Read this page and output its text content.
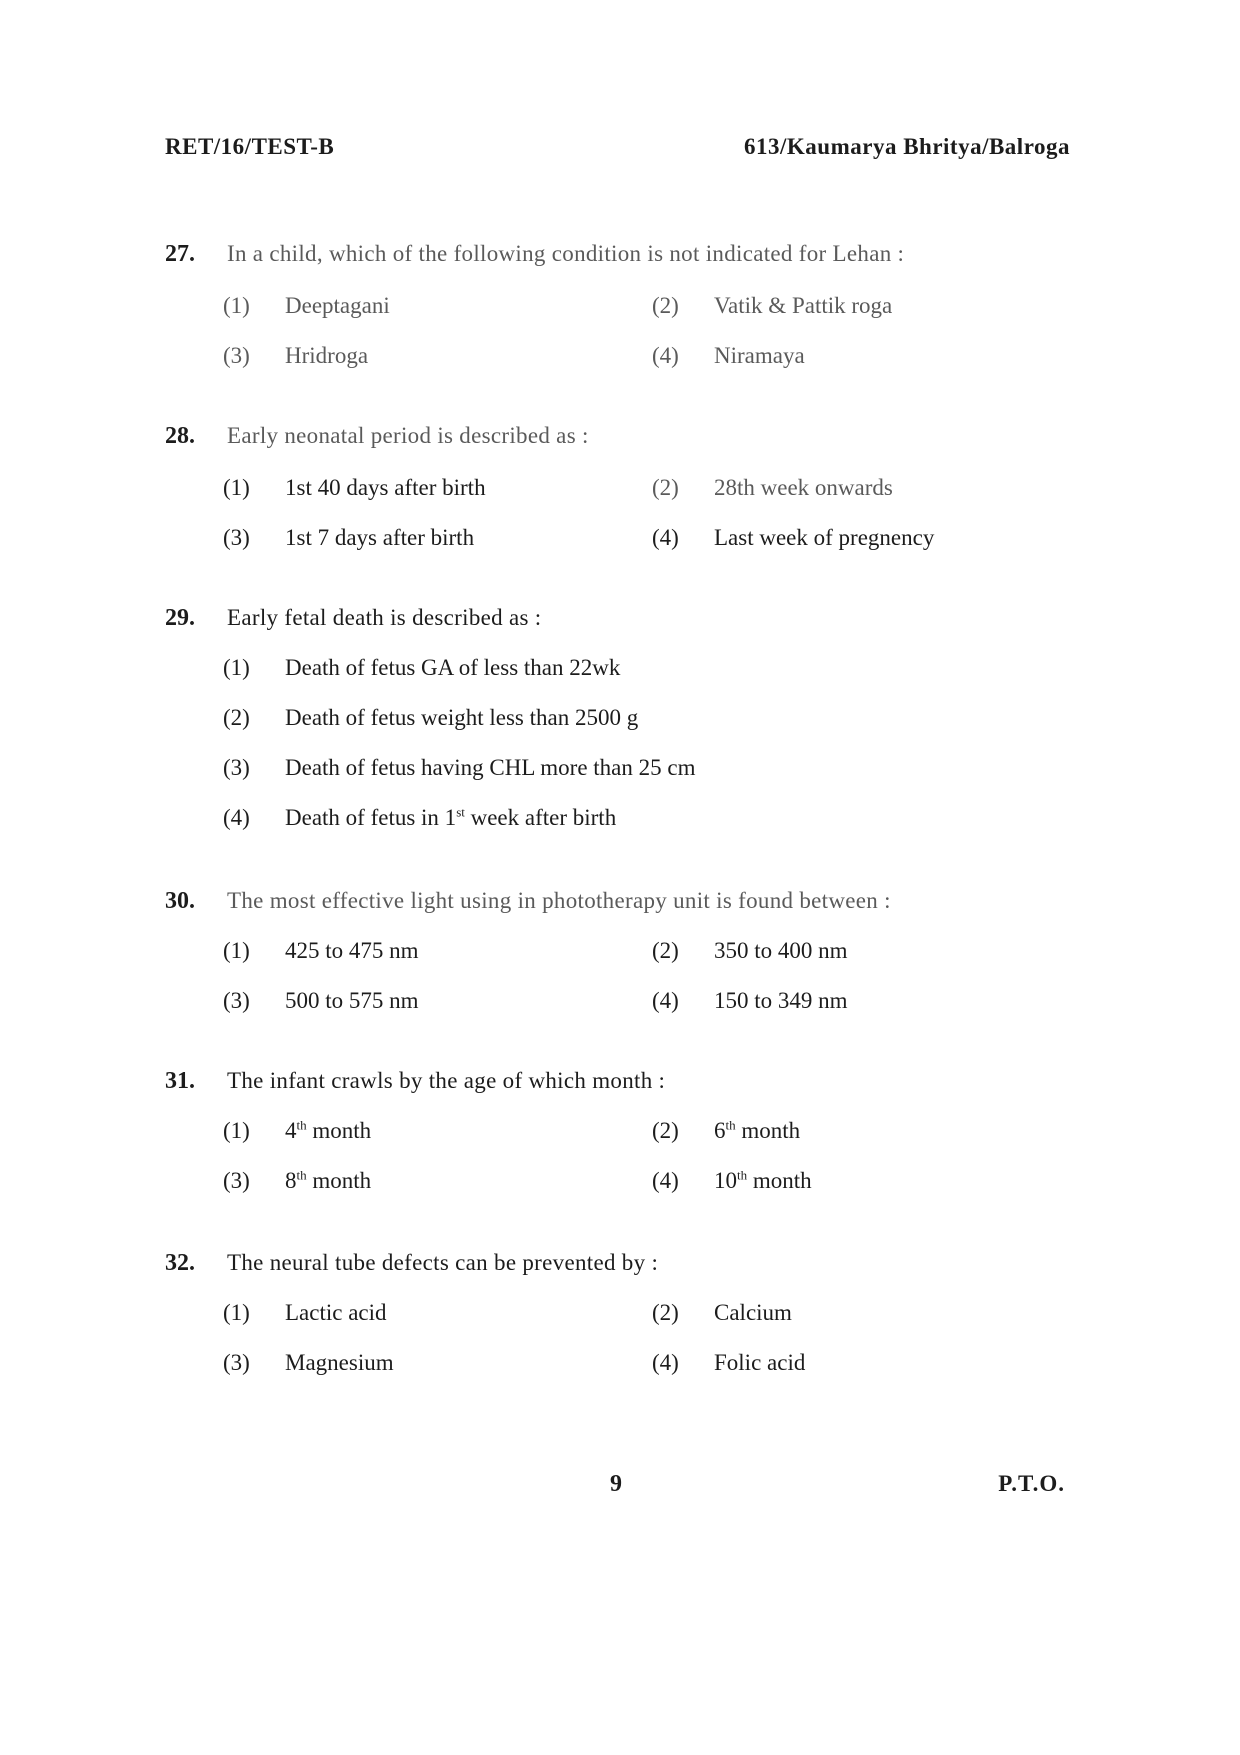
RET/16/TEST-B	613/Kaumarya Bhritya/Balroga
27. In a child, which of the following condition is not indicated for Lehan :
(1) Deeptagani	(2) Vatik & Pattik roga
(3) Hridroga	(4) Niramaya
28. Early neonatal period is described as :
(1) 1st 40 days after birth	(2) 28th week onwards
(3) 1st 7 days after birth	(4) Last week of pregnency
29. Early fetal death is described as :
(1) Death of fetus GA of less than 22wk
(2) Death of fetus weight less than 2500 g
(3) Death of fetus having CHL more than 25 cm
(4) Death of fetus in 1st week after birth
30. The most effective light using in phototherapy unit is found between :
(1) 425 to 475 nm	(2) 350 to 400 nm
(3) 500 to 575 nm	(4) 150 to 349 nm
31. The infant crawls by the age of which month :
(1) 4th month	(2) 6th month
(3) 8th month	(4) 10th month
32. The neural tube defects can be prevented by :
(1) Lactic acid	(2) Calcium
(3) Magnesium	(4) Folic acid
9	P.T.O.
